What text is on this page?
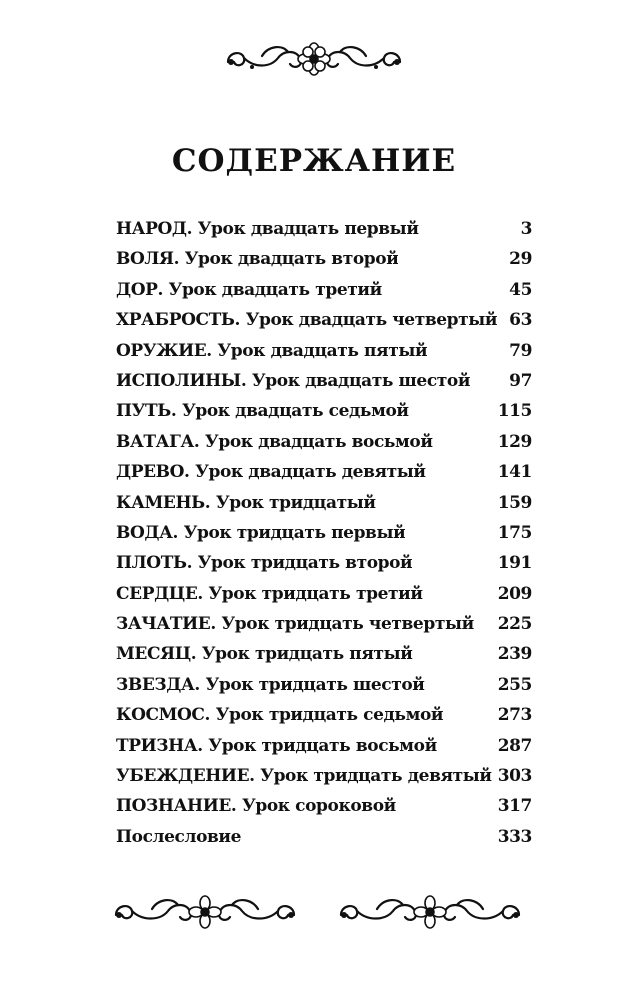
СОДЕРЖАНИЕ
НАРОД. Урок двадцать первый	3
ВОЛЯ. Урок двадцать второй	29
ДОР. Урок двадцать третий	45
ХРАБРОСТЬ. Урок двадцать четвертый 63
ОРУЖИЕ. Урок двадцать пятый	79
ИСПОЛИНЫ. Урок двадцать шестой 97
ПУТЬ. Урок двадцать седьмой	115
ВАТАГА. Урок двадцать восьмой	129
ДРЕВО. Урок двадцать девятый	141
КАМЕНЬ. Урок тридцатый	159
ВОДА. Урок тридцать первый	175
ПЛОТЬ. Урок тридцать второй	191
СЕРДЦЕ. Урок тридцать третий	209
ЗАЧАТИЕ. Урок тридцать четвертый 225
МЕСЯЦ. Урок тридцать пятый	239
ЗВЕЗДА. Урок тридцать шестой	255
КОСМОС. Урок тридцать седьмой	273
ТРИЗНА. Урок тридцать восьмой	287
УБЕЖДЕНИЕ. Урок тридцать девятый 303
ПОЗНАНИЕ. Урок сороковой	317
Послесловие	333
